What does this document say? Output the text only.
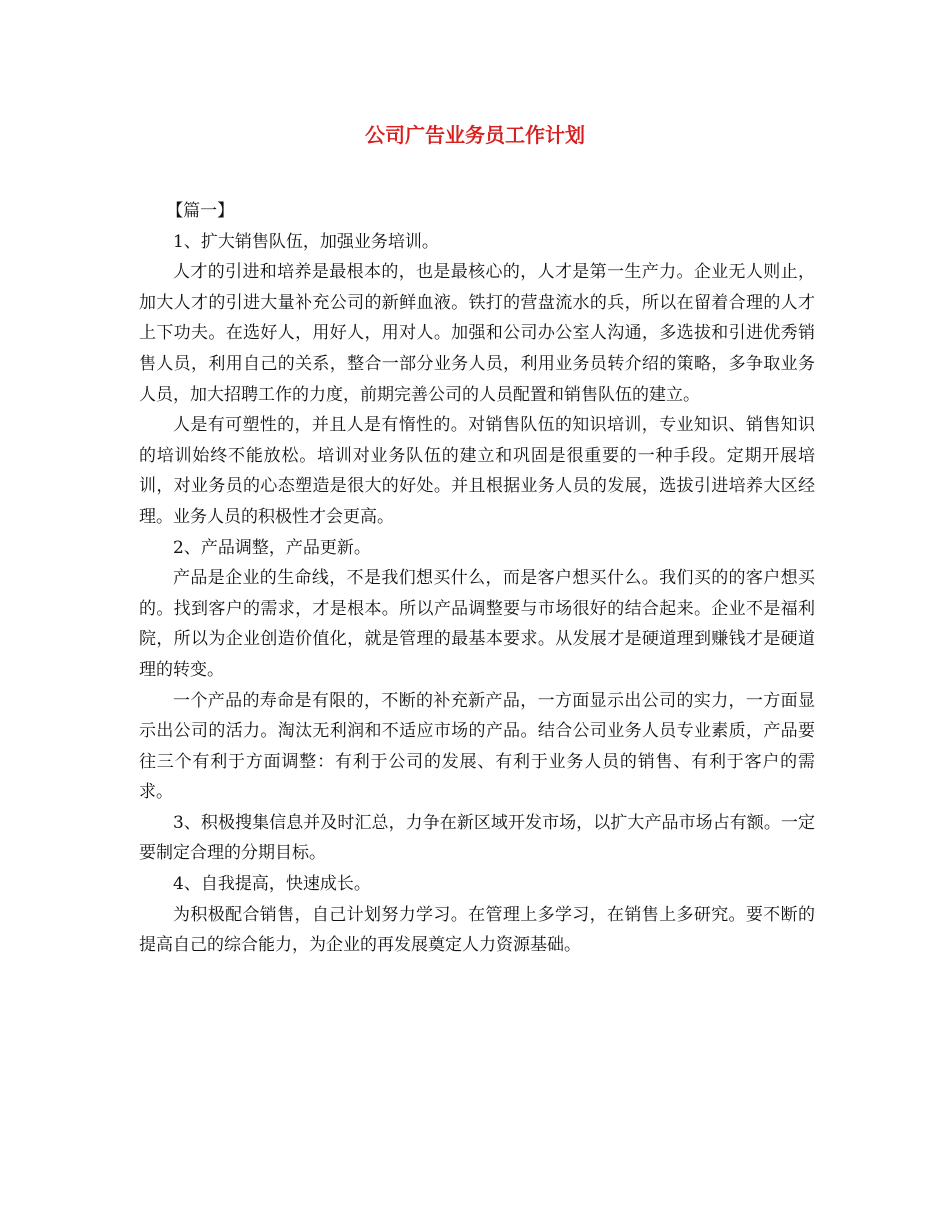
公司广告业务员工作计划

【篇一】

1、扩大销售队伍，加强业务培训。

人才的引进和培养是最根本的，也是最核心的，人才是第一生产力。企业无人则止，加大人才的引进大量补充公司的新鲜血液。铁打的营盘流水的兵，所以在留着合理的人才上下功夫。在选好人，用好人，用对人。加强和公司办公室人沟通，多选拔和引进优秀销售人员，利用自己的关系，整合一部分业务人员，利用业务员转介绍的策略，多争取业务人员，加大招聘工作的力度，前期完善公司的人员配置和销售队伍的建立。

人是有可塑性的，并且人是有惰性的。对销售队伍的知识培训，专业知识、销售知识的培训始终不能放松。培训对业务队伍的建立和巩固是很重要的一种手段。定期开展培训，对业务员的心态塑造是很大的好处。并且根据业务人员的发展，选拔引进培养大区经理。业务人员的积极性才会更高。

2、产品调整，产品更新。

产品是企业的生命线，不是我们想买什么，而是客户想买什么。我们买的的客户想买的。找到客户的需求，才是根本。所以产品调整要与市场很好的结合起来。企业不是福利院，所以为企业创造价值化，就是管理的最基本要求。从发展才是硬道理到赚钱才是硬道理的转变。

一个产品的寿命是有限的，不断的补充新产品，一方面显示出公司的实力，一方面显示出公司的活力。淘汰无利润和不适应市场的产品。结合公司业务人员专业素质，产品要往三个有利于方面调整：有利于公司的发展、有利于业务人员的销售、有利于客户的需求。

3、积极搜集信息并及时汇总，力争在新区域开发市场，以扩大产品市场占有额。一定要制定合理的分期目标。

4、自我提高，快速成长。

为积极配合销售，自己计划努力学习。在管理上多学习，在销售上多研究。要不断的提高自己的综合能力，为企业的再发展奠定人力资源基础。
